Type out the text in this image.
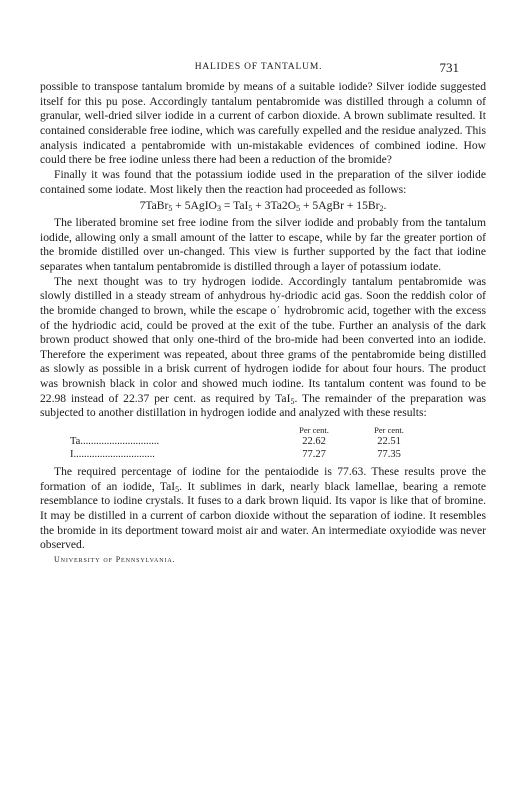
HALIDES OF TANTALUM.	731

possible to transpose tantalum bromide by means of a suitable iodide? Silver iodide suggested itself for this pu pose. Accordingly tantalum pentabromide was distilled through a column of granular, well-dried silver iodide in a current of carbon dioxide. A brown sublimate resulted. It contained considerable free iodine, which was carefully expelled and the residue analyzed. This analysis indicated a pentabromide with un-mistakable evidences of combined iodine. How could there be free iodine unless there had been a reduction of the bromide?

Finally it was found that the potassium iodide used in the preparation of the silver iodide contained some iodate. Most likely then the reaction had proceeded as follows:

7TaBr$_5$ + 5AgIO$_3$ = $TaI_5 + 3Ta2O_5$ + 5AgBr + $15Br_2$.

The liberated bromine set free iodine from the silver iodide and probably from the tantalum iodide, allowing only a small amount of the latter to escape, while by far the greater portion of the bromide distilled over un-changed. This view is further supported by the fact that iodine separates when tantalum pentabromide is distilled through a layer of potassium iodate.

The next thought was to try hydrogen iodide. Accordingly tantalum pentabromide was slowly distilled in a steady stream of anhydrous hy-driodic acid gas. Soon the reddish color of the bromide changed to brown, while the escape o˙ hydrobromic acid, together with the excess of the hydriodic acid, could be proved at the exit of the tube. Further an analysis of the dark brown product showed that only one-third of the bro-mide had been converted into an iodide. Therefore the experiment was repeated, about three grams of the pentabromide being distilled as slowly as possible in a brisk current of hydrogen iodide for about four hours. The product was brownish black in color and showed much iodine. Its tantalum content was found to be 22.98 instead of 22.37 per cent. as required by TaI$_5$. The remainder of the preparation was subjected to another distillation in hydrogen iodide and analyzed with these results:

Per cent.	Per cent.
Ta..............................	22.62	22.51
I...............................	77.27	77.35

The required percentage of iodine for the pentaiodide is 77.63. These results prove the formation of an iodide, TaI$_5$. It sublimes in dark, nearly black lamellae, bearing a remote resemblance to iodine crystals. It fuses to a dark brown liquid. Its vapor is like that of bromine. It may be distilled in a current of carbon dioxide without the separation of iodine. It resembles the bromide in its deportment toward moist air and water. An intermediate oxyiodide was never observed.

University of Pennsylvania.
